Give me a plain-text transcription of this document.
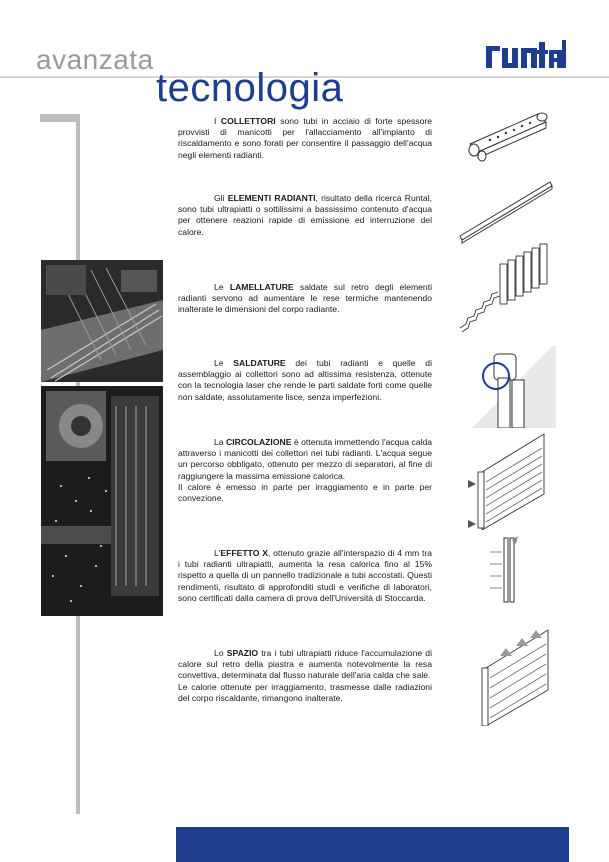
avanzata
tecnologia

I COLLETTORI sono tubi in acciaio di forte spessore provvisti di manicotti per l'allacciamento all'impianto di riscaldamento e sono forati per consentire il passaggio dell'acqua negli elementi radianti.

Gli ELEMENTI RADIANTI, risultato della ricerca Runtal, sono tubi ultrapiatti o sottilissimi a bassissimo contenuto d'acqua per ottenere reazioni rapide di emissione ed interruzione del calore.

Le LAMELLATURE saldate sul retro degli elementi radianti servono ad aumentare le rese termiche mantenendo inalterate le dimensioni del corpo radiante.

Le SALDATURE dei tubi radianti e quelle di assemblaggio ai collettori sono ad altissima resistenza, ottenute con la tecnologia laser che rende le parti saldate forti come quelle non saldate, assolutamente lisce, senza imperfezioni.

La CIRCOLAZIONE è ottenuta immettendo l'acqua calda attraverso i manicotti dei collettori nei tubi radianti. L'acqua segue un percorso obbligato, ottenuto per mezzo di separatori, al fine di raggiungere la massima emissione calorica.

Il calore è emesso in parte per irraggiamento e in parte per convezione.

L'EFFETTO X, ottenuto grazie all'interspazio di 4 mm tra i tubi radianti ultrapiatti, aumenta la resa calorica fino al 15% rispetto a quella di un pannello tradizionale a tubi accostati. Questi rendimenti, risultato di approfonditi studi e verifiche di laboratori, sono certificati dalla camera di prova dell'Università di Stoccarda.

Lo SPAZIO tra i tubi ultrapiatti riduce l'accumulazione di calore sul retro della piastra e aumenta notevolmente la resa convettiva, determinata dal flusso naturale dell'aria calda che sale.

Le calorie ottenute per irraggiamento, trasmesse dalle radiazioni del corpo riscaldante, rimangono inalterate.
